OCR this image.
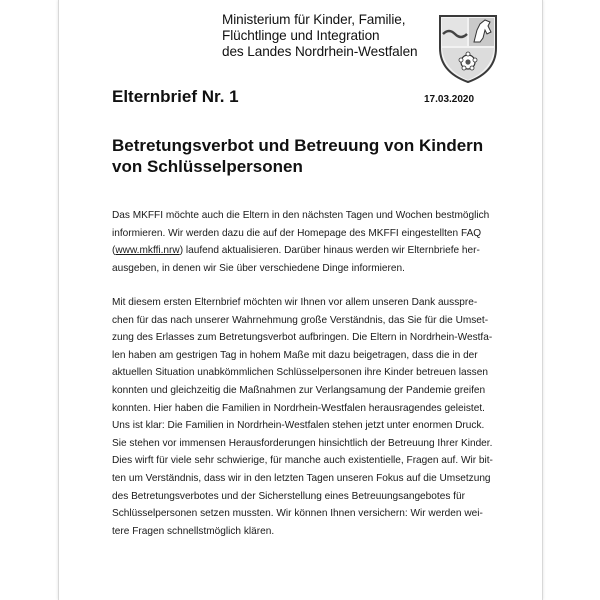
Ministerium für Kinder, Familie,
Flüchtlinge und Integration
des Landes Nordrhein-Westfalen
Elternbrief Nr. 1	17.03.2020
Betretungsverbot und Betreuung von Kindern
von Schlüsselpersonen
Das MKFFI möchte auch die Eltern in den nächsten Tagen und Wochen bestmöglich
informieren. Wir werden dazu die auf der Homepage des MKFFI eingestellten FAQ
(www.mkffi.nrw) laufend aktualisieren. Darüber hinaus werden wir Elternbriefe her-
ausgeben, in denen wir Sie über verschiedene Dinge informieren.
Mit diesem ersten Elternbrief möchten wir Ihnen vor allem unseren Dank ausspre-
chen für das nach unserer Wahrnehmung große Verständnis, das Sie für die Umset-
zung des Erlasses zum Betretungsverbot aufbringen. Die Eltern in Nordrhein-Westfa-
len haben am gestrigen Tag in hohem Maße mit dazu beigetragen, dass die in der
aktuellen Situation unabkömmlichen Schlüsselpersonen ihre Kinder betreuen lassen
konnten und gleichzeitig die Maßnahmen zur Verlangsamung der Pandemie greifen
konnten. Hier haben die Familien in Nordrhein-Westfalen herausragendes geleistet.
Uns ist klar: Die Familien in Nordrhein-Westfalen stehen jetzt unter enormen Druck.
Sie stehen vor immensen Herausforderungen hinsichtlich der Betreuung Ihrer Kinder.
Dies wirft für viele sehr schwierige, für manche auch existentielle, Fragen auf. Wir bit-
ten um Verständnis, dass wir in den letzten Tagen unseren Fokus auf die Umsetzung
des Betretungsverbotes und der Sicherstellung eines Betreuungsangebotes für
Schlüsselpersonen setzen mussten. Wir können Ihnen versichern: Wir werden wei-
tere Fragen schnellstmöglich klären.
